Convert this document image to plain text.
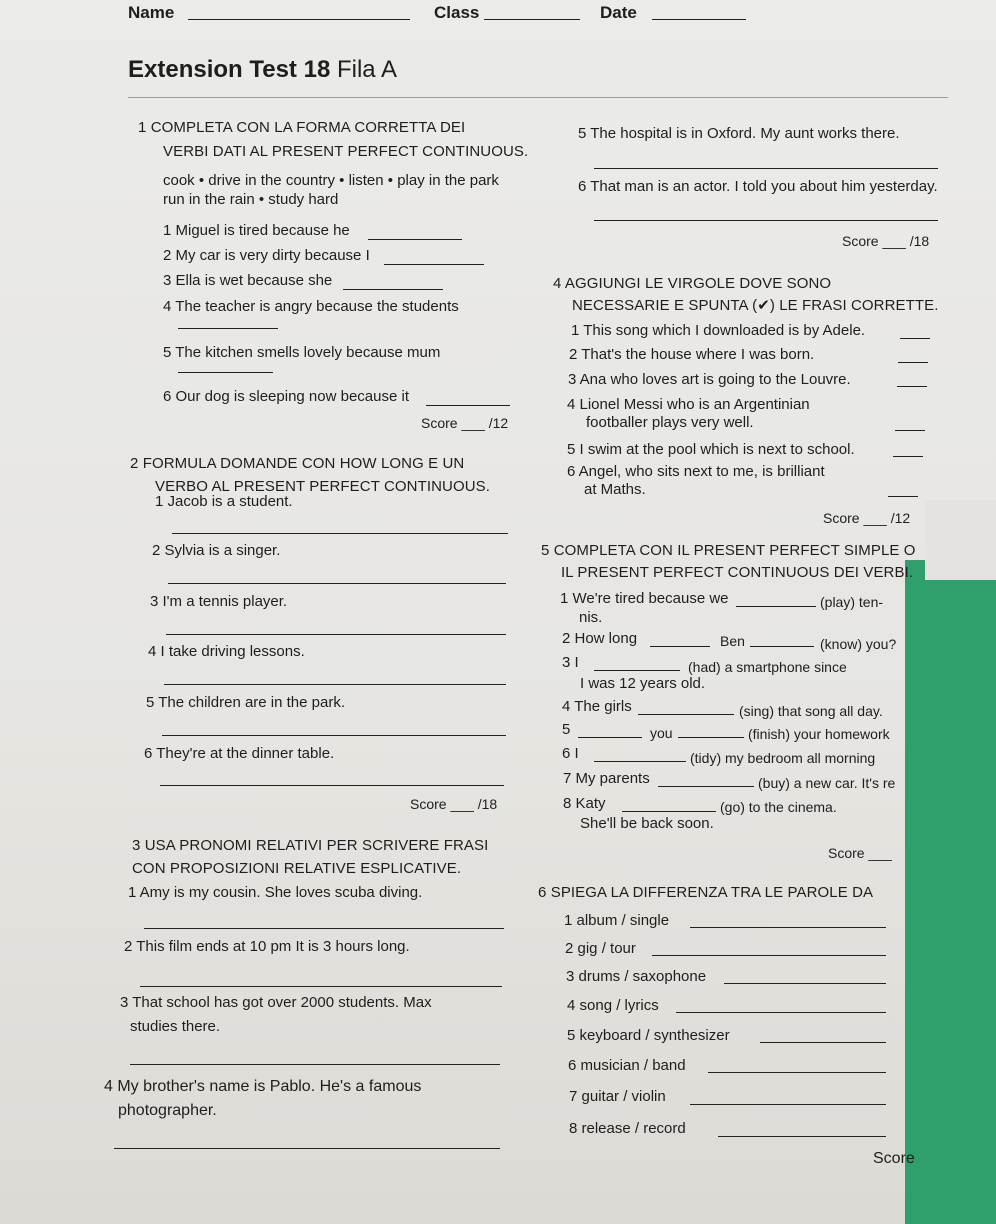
Name	Class	Date
Extension Test 18 Fila A
1 COMPLETA CON LA FORMA CORRETTA DEI
VERBI DATI AL PRESENT PERFECT CONTINUOUS.
cook • drive in the country • listen • play in the park
run in the rain • study hard
1 Miguel is tired because he
2 My car is very dirty because I
3 Ella is wet because she
4 The teacher is angry because the students
5 The kitchen smells lovely because mum
6 Our dog is sleeping now because it
Score ___ /12
2 FORMULA DOMANDE CON HOW LONG E UN
VERBO AL PRESENT PERFECT CONTINUOUS.
1 Jacob is a student.
2 Sylvia is a singer.
3 I'm a tennis player.
4 I take driving lessons.
5 The children are in the park.
6 They're at the dinner table.
Score ___ /18
3 USA PRONOMI RELATIVI PER SCRIVERE FRASI
CON PROPOSIZIONI RELATIVE ESPLICATIVE.
1 Amy is my cousin. She loves scuba diving.
2 This film ends at 10 pm It is 3 hours long.
3 That school has got over 2000 students. Max
studies there.
4 My brother's name is Pablo. He's a famous
photographer.
5 The hospital is in Oxford. My aunt works there.
6 That man is an actor. I told you about him yesterday.
Score ___ /18
4 AGGIUNGI LE VIRGOLE DOVE SONO
NECESSARIE E SPUNTA (✔) LE FRASI CORRETTE.
1 This song which I downloaded is by Adele.
2 That's the house where I was born.
3 Ana who loves art is going to the Louvre.
4 Lionel Messi who is an Argentinian
footballer plays very well.
5 I swim at the pool which is next to school.
6 Angel, who sits next to me, is brilliant
at Maths.
Score ___ /12
5 COMPLETA CON IL PRESENT PERFECT SIMPLE O
IL PRESENT PERFECT CONTINUOUS DEI VERBI.
1 We're tired because we	(play) ten-
nis.
2 How long	Ben	(know) you?
3 I	(had) a smartphone since
I was 12 years old.
4 The girls	(sing) that song all day.
5	you	(finish) your homework
6 I	(tidy) my bedroom all morning
7 My parents	(buy) a new car. It's re
8 Katy	(go) to the cinema.
She'll be back soon.
Score ___
6 SPIEGA LA DIFFERENZA TRA LE PAROLE DA
1 album / single
2 gig / tour
3 drums / saxophone
4 song / lyrics
5 keyboard / synthesizer
6 musician / band
7 guitar / violin
8 release / record
Score
